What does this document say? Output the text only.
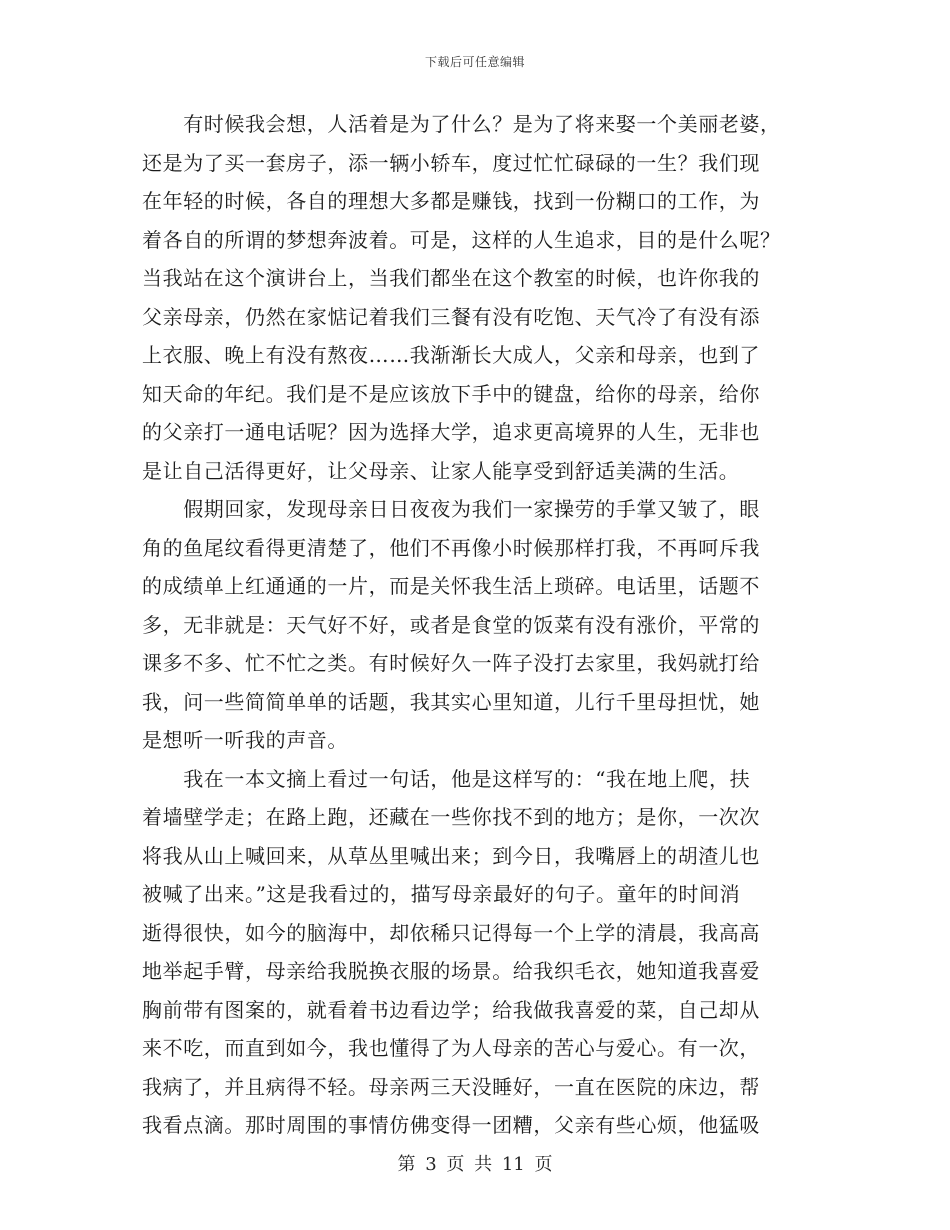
下载后可任意编辑
　　有时候我会想，人活着是为了什么？是为了将来娶一个美丽老婆，
还是为了买一套房子，添一辆小轿车，度过忙忙碌碌的一生？我们现
在年轻的时候，各自的理想大多都是赚钱，找到一份糊口的工作，为
着各自的所谓的梦想奔波着。可是，这样的人生追求，目的是什么呢？
当我站在这个演讲台上，当我们都坐在这个教室的时候，也许你我的
父亲母亲，仍然在家惦记着我们三餐有没有吃饱、天气冷了有没有添
上衣服、晚上有没有熬夜……我渐渐长大成人，父亲和母亲，也到了
知天命的年纪。我们是不是应该放下手中的键盘，给你的母亲，给你
的父亲打一通电话呢？因为选择大学，追求更高境界的人生，无非也
是让自己活得更好，让父母亲、让家人能享受到舒适美满的生活。
　　假期回家，发现母亲日日夜夜为我们一家操劳的手掌又皱了，眼
角的鱼尾纹看得更清楚了，他们不再像小时候那样打我，不再呵斥我
的成绩单上红通通的一片，而是关怀我生活上琐碎。电话里，话题不
多，无非就是：天气好不好，或者是食堂的饭菜有没有涨价，平常的
课多不多、忙不忙之类。有时候好久一阵子没打去家里，我妈就打给
我，问一些简简单单的话题，我其实心里知道，儿行千里母担忧，她
是想听一听我的声音。
　　我在一本文摘上看过一句话，他是这样写的：“我在地上爬，扶
着墙壁学走；在路上跑，还藏在一些你找不到的地方；是你，一次次
将我从山上喊回来，从草丛里喊出来；到今日，我嘴唇上的胡渣儿也
被喊了出来。”这是我看过的，描写母亲最好的句子。童年的时间消
逝得很快，如今的脑海中，却依稀只记得每一个上学的清晨，我高高
地举起手臂，母亲给我脱换衣服的场景。给我织毛衣，她知道我喜爱
胸前带有图案的，就看着书边看边学；给我做我喜爱的菜，自己却从
来不吃，而直到如今，我也懂得了为人母亲的苦心与爱心。有一次，
我病了，并且病得不轻。母亲两三天没睡好，一直在医院的床边，帮
我看点滴。那时周围的事情仿佛变得一团糟，父亲有些心烦，他猛吸
第 3 页 共 11 页
